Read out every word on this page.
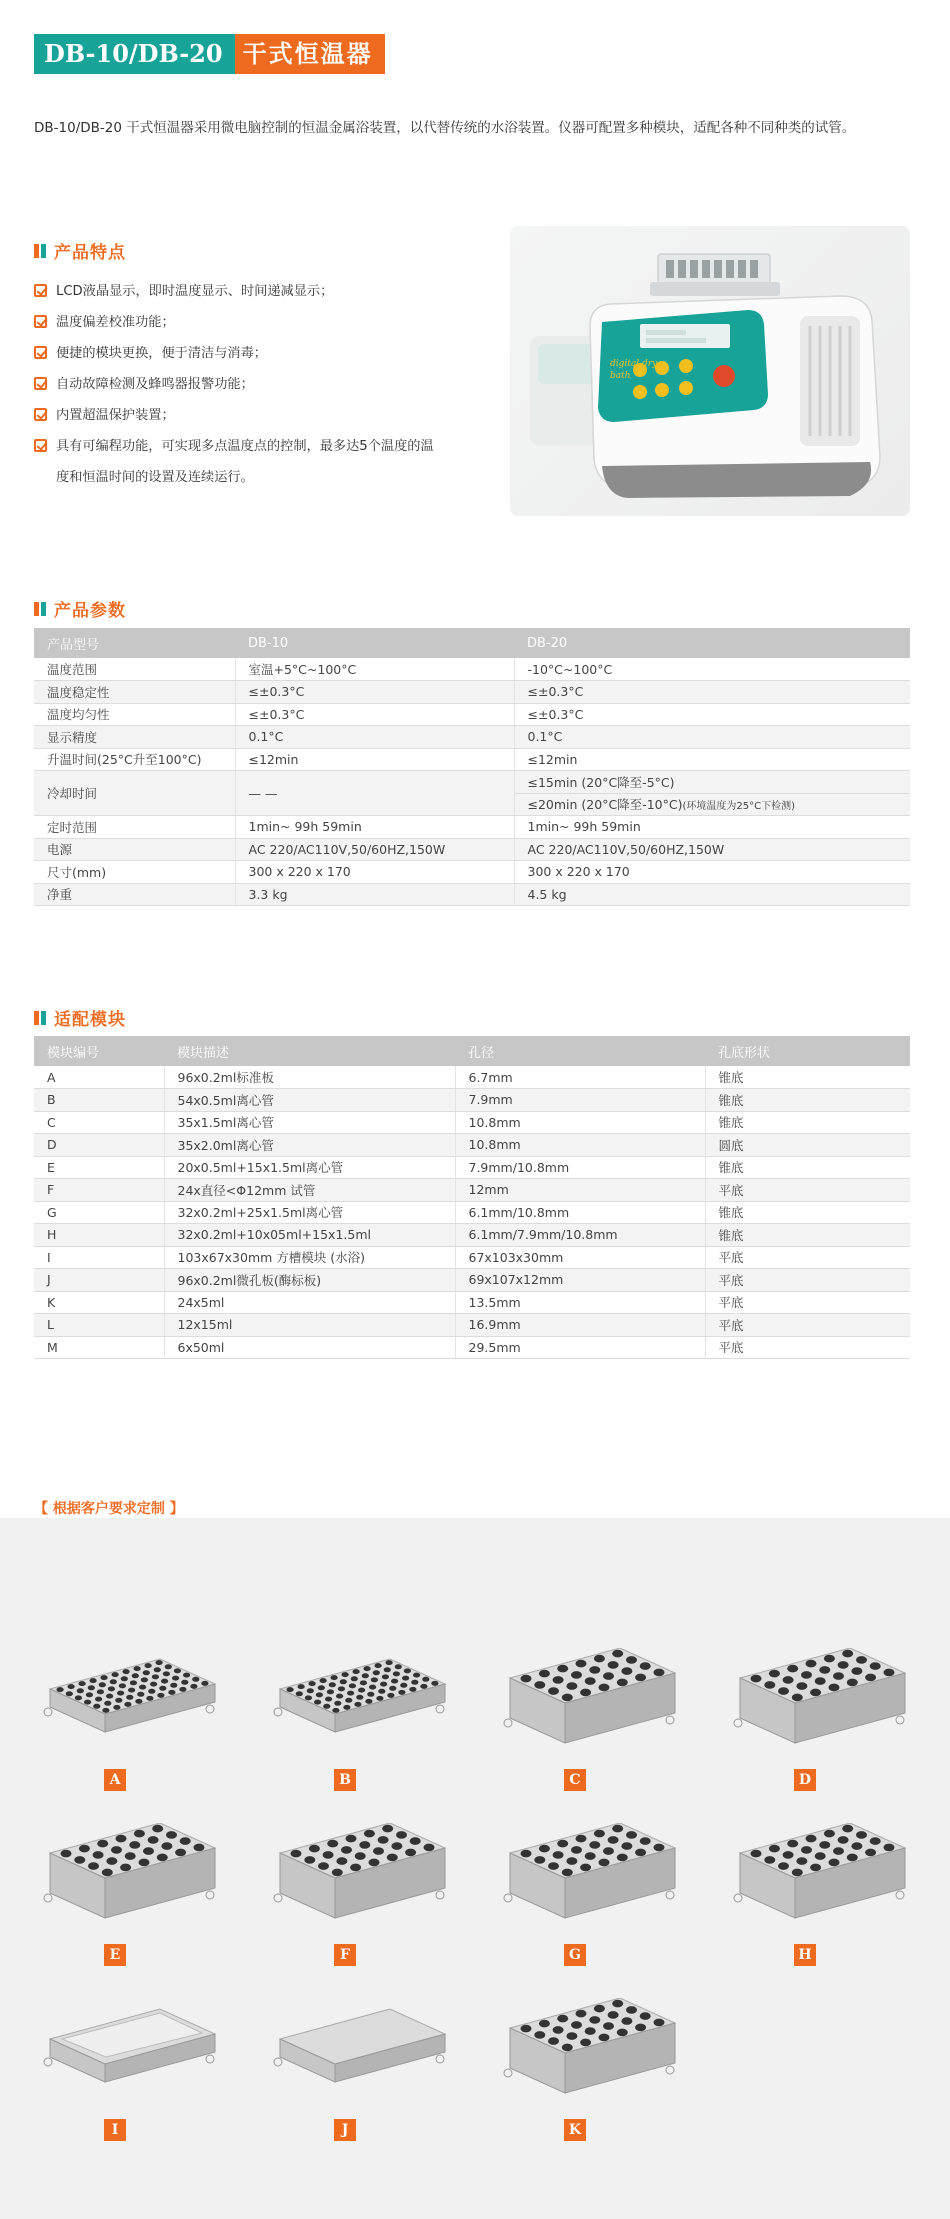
DB-10/DB-20 干式恒温器
DB-10/DB-20 干式恒温器采用微电脑控制的恒温金属浴装置，以代替传统的水浴装置。仪器可配置多种模块，适配各种不同种类的试管。
产品特点
LCD液晶显示，即时温度显示、时间递减显示；
温度偏差校准功能；
便捷的模块更换，便于清洁与消毒；
自动故障检测及蜂鸣器报警功能；
内置超温保护装置；
具有可编程功能，可实现多点温度点的控制，最多达5个温度的温
度和恒温时间的设置及连续运行。
digital dry
bath
产品参数
产品型号	DB-10	DB-20
温度范围	室温+5°C~100°C	-10°C~100°C
温度稳定性	≤±0.3°C	≤±0.3°C
温度均匀性	≤±0.3°C	≤±0.3°C
显示精度	0.1°C	0.1°C
升温时间(25°C升至100°C)	≤12min	≤12min
冷却时间	— —	≤15min (20°C降至-5°C)
		≤20min (20°C降至-10°C)(环境温度为25°C下检测)
定时范围	1min~ 99h 59min	1min~ 99h 59min
电源	AC 220/AC110V,50/60HZ,150W	AC 220/AC110V,50/60HZ,150W
尺寸(mm)	300 x 220 x 170	300 x 220 x 170
净重	3.3 kg	4.5 kg
适配模块
模块编号	模块描述	孔径	孔底形状
A	96x0.2ml标准板	6.7mm	锥底
B	54x0.5ml离心管	7.9mm	锥底
C	35x1.5ml离心管	10.8mm	锥底
D	35x2.0ml离心管	10.8mm	圆底
E	20x0.5ml+15x1.5ml离心管	7.9mm/10.8mm	锥底
F	24x直径<Φ12mm 试管	12mm	平底
G	32x0.2ml+25x1.5ml离心管	6.1mm/10.8mm	锥底
H	32x0.2ml+10x05ml+15x1.5ml	6.1mm/7.9mm/10.8mm	锥底
I	103x67x30mm 方槽模块 (水浴)	67x103x30mm	平底
J	96x0.2ml微孔板(酶标板)	69x107x12mm	平底
K	24x5ml	13.5mm	平底
L	12x15ml	16.9mm	平底
M	6x50ml	29.5mm	平底
【 根据客户要求定制 】
A	B	C	D
E	F	G	H
I	J	K
